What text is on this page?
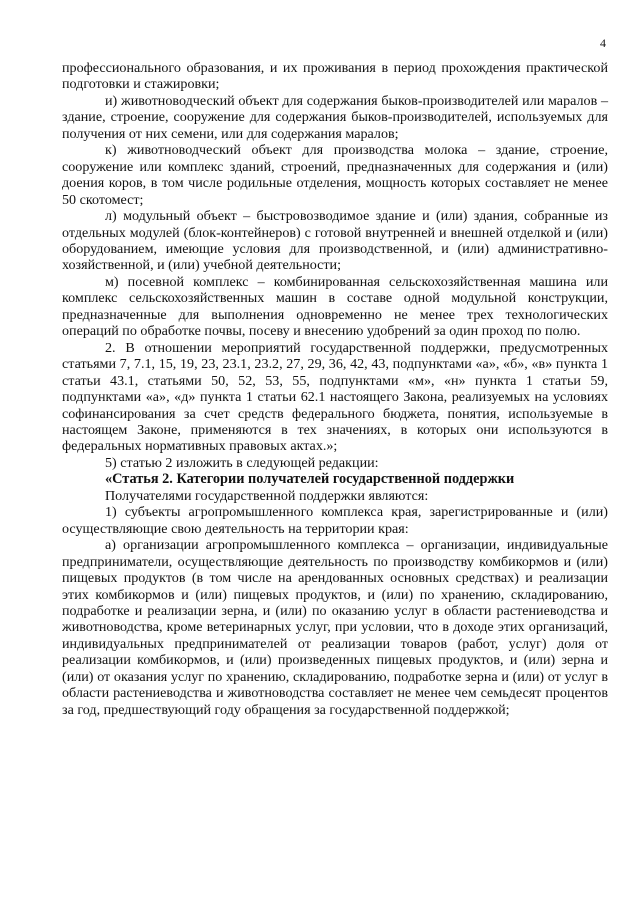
4

профессионального образования, и их проживания в период прохождения практической подготовки и стажировки;

и) животноводческий объект для содержания быков-производителей или маралов – здание, строение, сооружение для содержания быков-производителей, используемых для получения от них семени, или для содержания маралов;

к) животноводческий объект для производства молока – здание, строение, сооружение или комплекс зданий, строений, предназначенных для содержания и (или) доения коров, в том числе родильные отделения, мощность которых составляет не менее 50 скотомест;

л) модульный объект – быстровозводимое здание и (или) здания, собранные из отдельных модулей (блок-контейнеров) с готовой внутренней и внешней отделкой и (или) оборудованием, имеющие условия для производственной, и (или) административно-хозяйственной, и (или) учебной деятельности;

м) посевной комплекс – комбинированная сельскохозяйственная машина или комплекс сельскохозяйственных машин в составе одной модульной конструкции, предназначенные для выполнения одновременно не менее трех технологических операций по обработке почвы, посеву и внесению удобрений за один проход по полю.

2. В отношении мероприятий государственной поддержки, предусмотренных статьями 7, 7.1, 15, 19, 23, 23.1, 23.2, 27, 29, 36, 42, 43, подпунктами «а», «б», «в» пункта 1 статьи 43.1, статьями 50, 52, 53, 55, подпунктами «м», «н» пункта 1 статьи 59, подпунктами «а», «д» пункта 1 статьи 62.1 настоящего Закона, реализуемых на условиях софинансирования за счет средств федерального бюджета, понятия, используемые в настоящем Законе, применяются в тех значениях, в которых они используются в федеральных нормативных правовых актах.»;

5) статью 2 изложить в следующей редакции:

«Статья 2. Категории получателей государственной поддержки

Получателями государственной поддержки являются:

1) субъекты агропромышленного комплекса края, зарегистрированные и (или) осуществляющие свою деятельность на территории края:

а) организации агропромышленного комплекса – организации, индивидуальные предприниматели, осуществляющие деятельность по производству комбикормов и (или) пищевых продуктов (в том числе на арендованных основных средствах) и реализации этих комбикормов и (или) пищевых продуктов, и (или) по хранению, складированию, подработке и реализации зерна, и (или) по оказанию услуг в области растениеводства и животноводства, кроме ветеринарных услуг, при условии, что в доходе этих организаций, индивидуальных предпринимателей от реализации товаров (работ, услуг) доля от реализации комбикормов, и (или) произведенных пищевых продуктов, и (или) зерна и (или) от оказания услуг по хранению, складированию, подработке зерна и (или) от услуг в области растениеводства и животноводства составляет не менее чем семьдесят процентов за год, предшествующий году обращения за государственной поддержкой;
